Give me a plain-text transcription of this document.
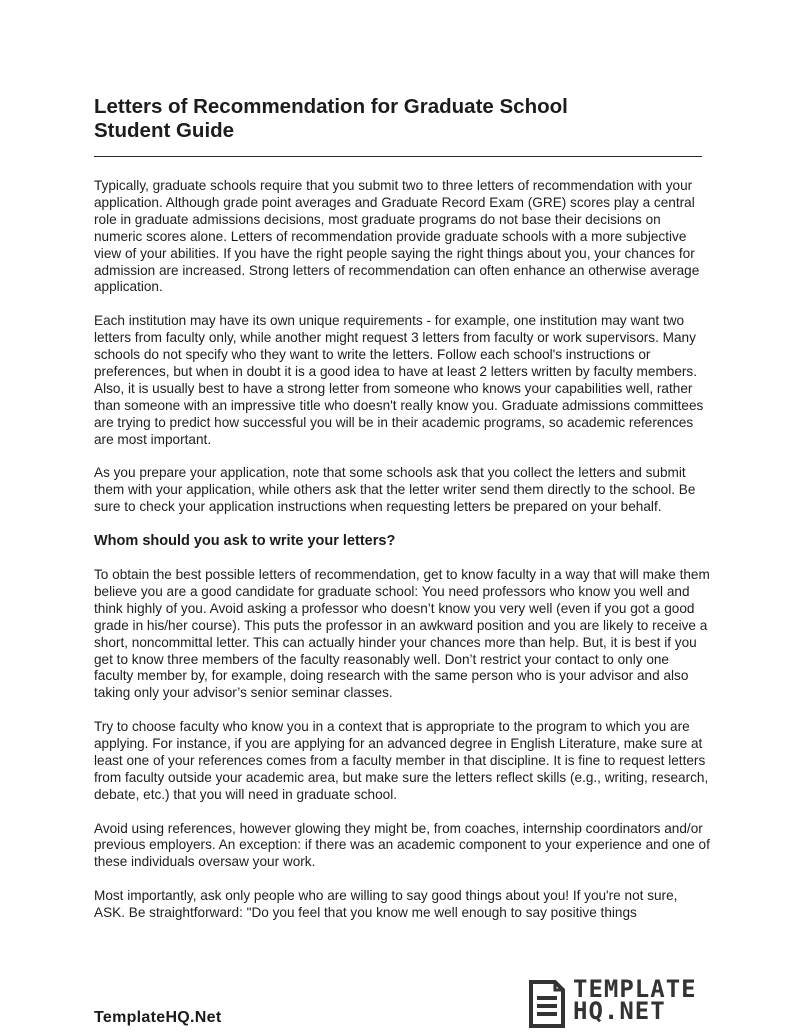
Letters of Recommendation for Graduate School
Student Guide

Typically, graduate schools require that you submit two to three letters of recommendation with your application. Although grade point averages and Graduate Record Exam (GRE) scores play a central role in graduate admissions decisions, most graduate programs do not base their decisions on numeric scores alone. Letters of recommendation provide graduate schools with a more subjective view of your abilities. If you have the right people saying the right things about you, your chances for admission are increased. Strong letters of recommendation can often enhance an otherwise average application.

Each institution may have its own unique requirements - for example, one institution may want two letters from faculty only, while another might request 3 letters from faculty or work supervisors. Many schools do not specify who they want to write the letters. Follow each school's instructions or preferences, but when in doubt it is a good idea to have at least 2 letters written by faculty members. Also, it is usually best to have a strong letter from someone who knows your capabilities well, rather than someone with an impressive title who doesn't really know you. Graduate admissions committees are trying to predict how successful you will be in their academic programs, so academic references are most important.

As you prepare your application, note that some schools ask that you collect the letters and submit them with your application, while others ask that the letter writer send them directly to the school. Be sure to check your application instructions when requesting letters be prepared on your behalf.

Whom should you ask to write your letters?

To obtain the best possible letters of recommendation, get to know faculty in a way that will make them believe you are a good candidate for graduate school: You need professors who know you well and think highly of you. Avoid asking a professor who doesn’t know you very well (even if you got a good grade in his/her course). This puts the professor in an awkward position and you are likely to receive a short, noncommittal letter. This can actually hinder your chances more than help. But, it is best if you get to know three members of the faculty reasonably well. Don’t restrict your contact to only one faculty member by, for example, doing research with the same person who is your advisor and also taking only your advisor’s senior seminar classes.

Try to choose faculty who know you in a context that is appropriate to the program to which you are applying. For instance, if you are applying for an advanced degree in English Literature, make sure at least one of your references comes from a faculty member in that discipline. It is fine to request letters from faculty outside your academic area, but make sure the letters reflect skills (e.g., writing, research, debate, etc.) that you will need in graduate school.

Avoid using references, however glowing they might be, from coaches, internship coordinators and/or previous employers. An exception: if there was an academic component to your experience and one of these individuals oversaw your work.

Most importantly, ask only people who are willing to say good things about you! If you're not sure, ASK. Be straightforward: "Do you feel that you know me well enough to say positive things

TemplateHQ.Net
TEMPLATE
HQ.NET
